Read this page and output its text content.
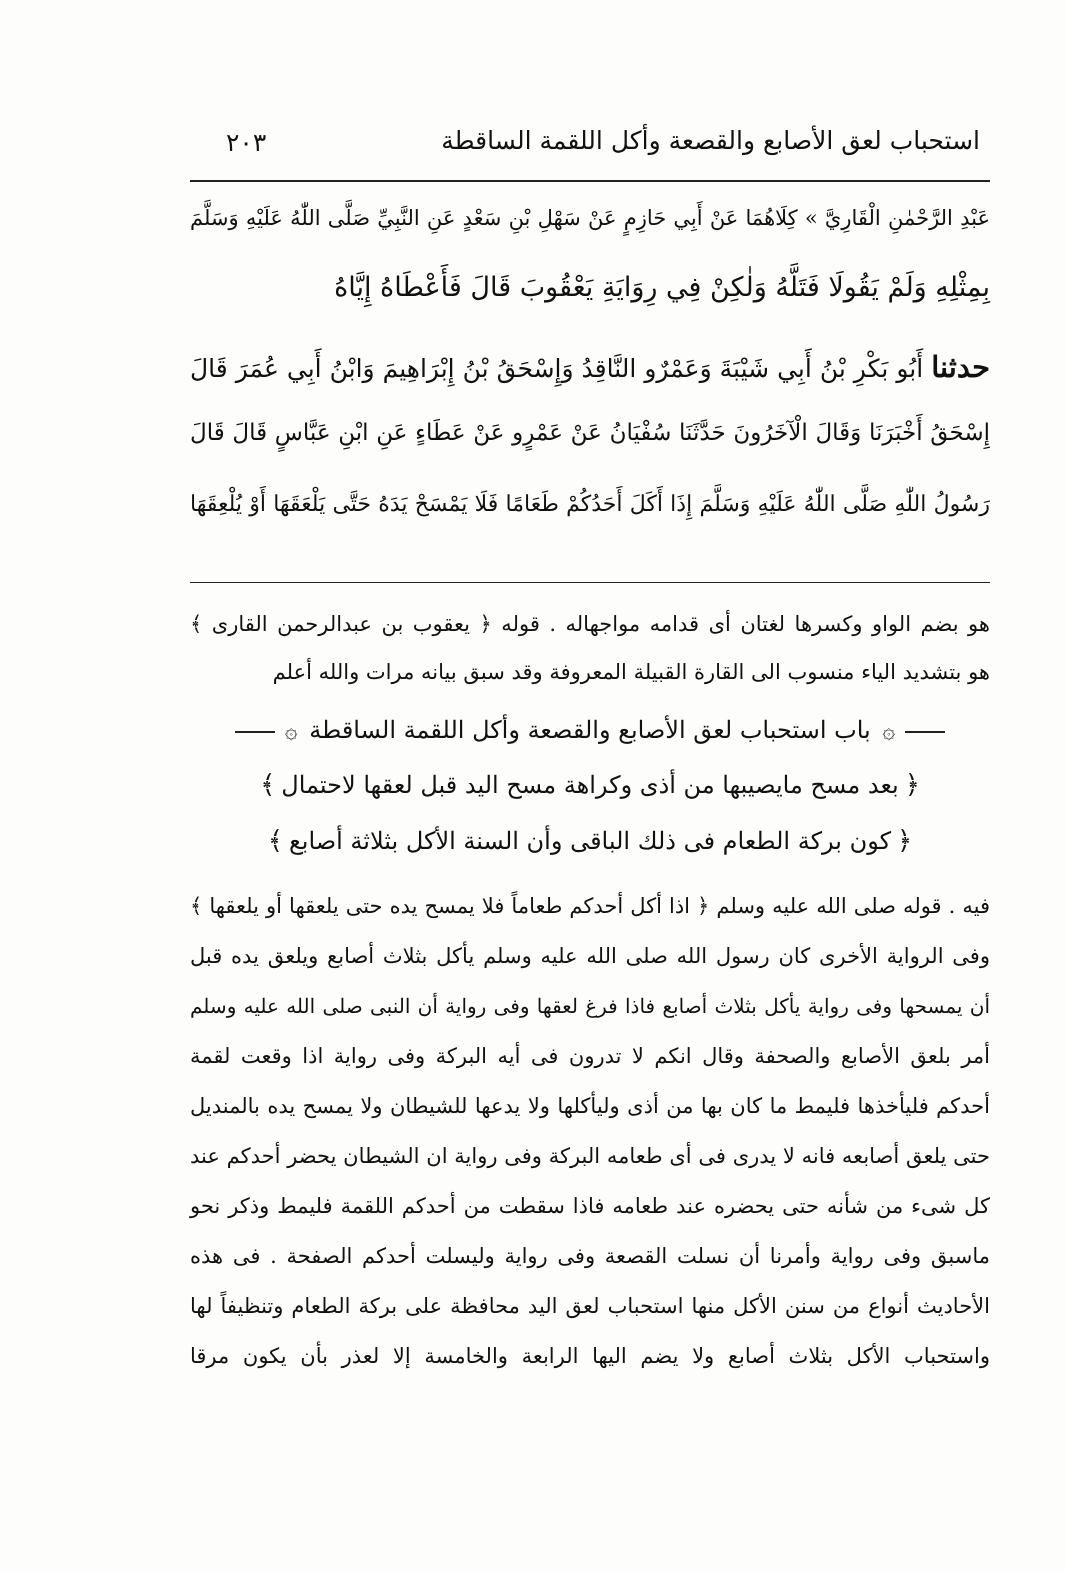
استحباب لعق الأصابع والقصعة وأكل اللقمة الساقطة
٢٠٣
عَبْدِ الرَّحْمٰنِ الْقَارِيَّ » كِلَاهُمَا عَنْ أَبِي حَازِمٍ عَنْ سَهْلِ بْنِ سَعْدٍ عَنِ النَّبِيِّ صَلَّى اللّٰهُ عَلَيْهِ وَسَلَّمَ
بِمِثْلِهِ وَلَمْ يَقُولَا فَتَلَّهُ وَلٰكِنْ فِي رِوَايَةِ يَعْقُوبَ قَالَ فَأَعْطَاهُ إِيَّاهُ
حدثنا أَبُو بَكْرِ بْنُ أَبِي شَيْبَةَ وَعَمْرٌو النَّاقِدُ وَإِسْحَقُ بْنُ إِبْرَاهِيمَ وَابْنُ أَبِي عُمَرَ قَالَ
إِسْحَقُ أَخْبَرَنَا وَقَالَ الْآخَرُونَ حَدَّثَنَا سُفْيَانُ عَنْ عَمْرٍو عَنْ عَطَاءٍ عَنِ ابْنِ عَبَّاسٍ قَالَ قَالَ
رَسُولُ اللّٰهِ صَلَّى اللّٰهُ عَلَيْهِ وَسَلَّمَ إِذَا أَكَلَ أَحَدُكُمْ طَعَامًا فَلَا يَمْسَحْ يَدَهُ حَتَّى يَلْعَقَهَا أَوْ يُلْعِقَهَا
هو بضم الواو وكسرها لغتان أى قدامه مواجهاله . قوله ﴿ يعقوب بن عبدالرحمن القارى ﴾
هو بتشديد الياء منسوب الى القارة القبيلة المعروفة وقد سبق بيانه مرات والله أعلم
۞ باب استحباب لعق الأصابع والقصعة وأكل اللقمة الساقطة ۞
﴿بعد مسح مايصيبها من أذى وكراهة مسح اليد قبل لعقها لاحتمال﴾
﴿كون بركة الطعام فى ذلك الباقى وأن السنة الأكل بثلاثة أصابع﴾
فيه . قوله صلى الله عليه وسلم ﴿ اذا أكل أحدكم طعاماً فلا يمسح يده حتى يلعقها أو يلعقها ﴾
وفى الرواية الأخرى كان رسول الله صلى الله عليه وسلم يأكل بثلاث أصابع ويلعق يده قبل
أن يمسحها وفى رواية يأكل بثلاث أصابع فاذا فرغ لعقها وفى رواية أن النبى صلى الله عليه وسلم
أمر بلعق الأصابع والصحفة وقال انكم لا تدرون فى أيه البركة وفى رواية اذا وقعت لقمة
أحدكم فليأخذها فليمط ما كان بها من أذى وليأكلها ولا يدعها للشيطان ولا يمسح يده بالمنديل
حتى يلعق أصابعه فانه لا يدرى فى أى طعامه البركة وفى رواية ان الشيطان يحضر أحدكم عند
كل شىء من شأنه حتى يحضره عند طعامه فاذا سقطت من أحدكم اللقمة فليمط وذكر نحو
ماسبق وفى رواية وأمرنا أن نسلت القصعة وفى رواية وليسلت أحدكم الصفحة . فى هذه
الأحاديث أنواع من سنن الأكل منها استحباب لعق اليد محافظة على بركة الطعام وتنظيفاً لها
واستحباب الأكل بثلاث أصابع ولا يضم اليها الرابعة والخامسة إلا لعذر بأن يكون مرقا
